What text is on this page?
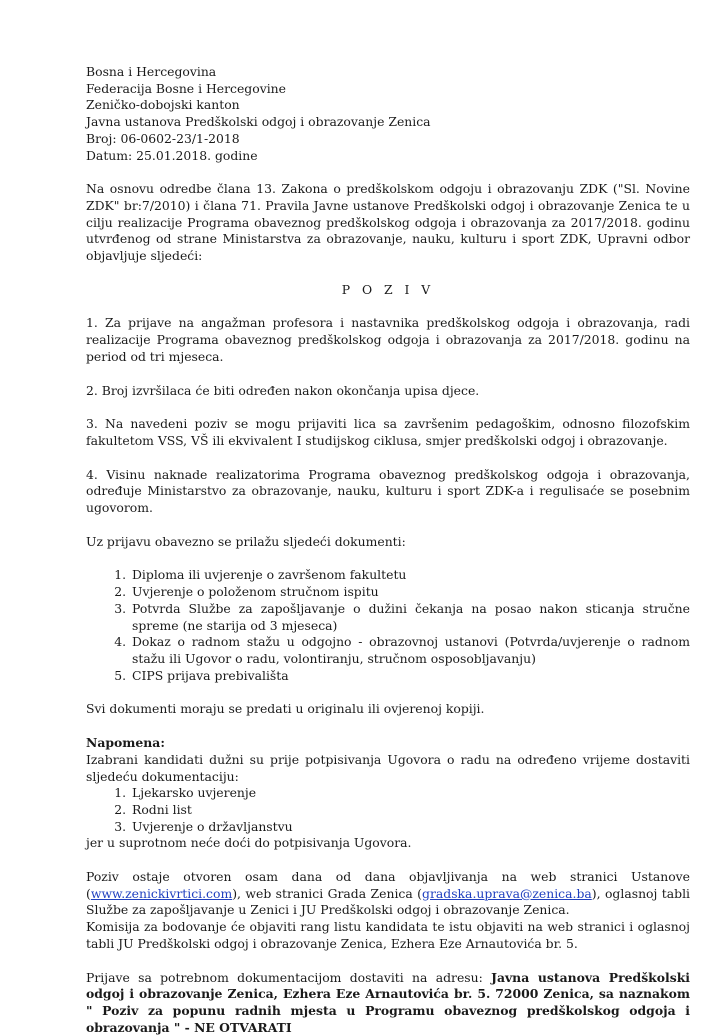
Bosna i Hercegovina
Federacija Bosne i Hercegovine
Zeničko-dobojski kanton
Javna ustanova Predškolski odgoj i obrazovanje Zenica
Broj: 06-0602-23/1-2018
Datum: 25.01.2018. godine

Na osnovu odredbe člana 13. Zakona o predškolskom odgoju i obrazovanju ZDK ("Sl. Novine ZDK" br:7/2010) i člana 71. Pravila Javne ustanove Predškolski odgoj i obrazovanje Zenica te u cilju realizacije Programa obaveznog predškolskog odgoja i obrazovanja za 2017/2018. godinu utvrđenog od strane Ministarstva za obrazovanje, nauku, kulturu i sport ZDK, Upravni odbor objavljuje sljedeći:

P O Z I V

1. Za prijave na angažman profesora i nastavnika predškolskog odgoja i obrazovanja, radi realizacije Programa obaveznog predškolskog odgoja i obrazovanja za 2017/2018. godinu na period od tri mjeseca.

2. Broj izvršilaca će biti određen nakon okončanja upisa djece.

3. Na navedeni poziv se mogu prijaviti lica sa završenim pedagoškim, odnosno filozofskim fakultetom VSS, VŠ ili ekvivalent I studijskog ciklusa, smjer predškolski odgoj i obrazovanje.

4. Visinu naknade realizatorima Programa obaveznog predškolskog odgoja i obrazovanja, određuje Ministarstvo za obrazovanje, nauku, kulturu i sport ZDK-a i regulisaće se posebnim ugovorom.

Uz prijavu obavezno se prilažu sljedeći dokumenti:

1. Diploma ili uvjerenje o završenom fakultetu
2. Uvjerenje o položenom stručnom ispitu
3. Potvrda Službe za zapošljavanje o dužini čekanja na posao nakon sticanja stručne spreme (ne starija od 3 mjeseca)
4. Dokaz o radnom stažu u odgojno - obrazovnoj ustanovi (Potvrda/uvjerenje o radnom stažu ili Ugovor o radu, volontiranju, stručnom osposobljavanju)
5. CIPS prijava prebivališta

Svi dokumenti moraju se predati u originalu ili ovjerenoj kopiji.

Napomena:

Izabrani kandidati dužni su prije potpisivanja Ugovora o radu na određeno vrijeme dostaviti sljedeću dokumentaciju:

1. Ljekarsko uvjerenje
2. Rodni list
3. Uvjerenje o državljanstvu

jer u suprotnom neće doći do potpisivanja Ugovora.

Poziv ostaje otvoren osam dana od dana objavljivanja na web stranici Ustanove (www.zenickivrtici.com), web stranici Grada Zenica (gradska.uprava@zenica.ba), oglasnoj tabli Službe za zapošljavanje u Zenici i JU Predškolski odgoj i obrazovanje Zenica.

Komisija za bodovanje će objaviti rang listu kandidata te istu objaviti na web stranici i oglasnoj tabli JU Predškolski odgoj i obrazovanje Zenica, Ezhera Eze Arnautovića br. 5.

Prijave sa potrebnom dokumentacijom dostaviti na adresu: Javna ustanova Predškolski odgoj i obrazovanje Zenica, Ezhera Eze Arnautovića br. 5. 72000 Zenica, sa naznakom " Poziv za popunu radnih mjesta u Programu obaveznog predškolskog odgoja i obrazovanja " - NE OTVARATI
